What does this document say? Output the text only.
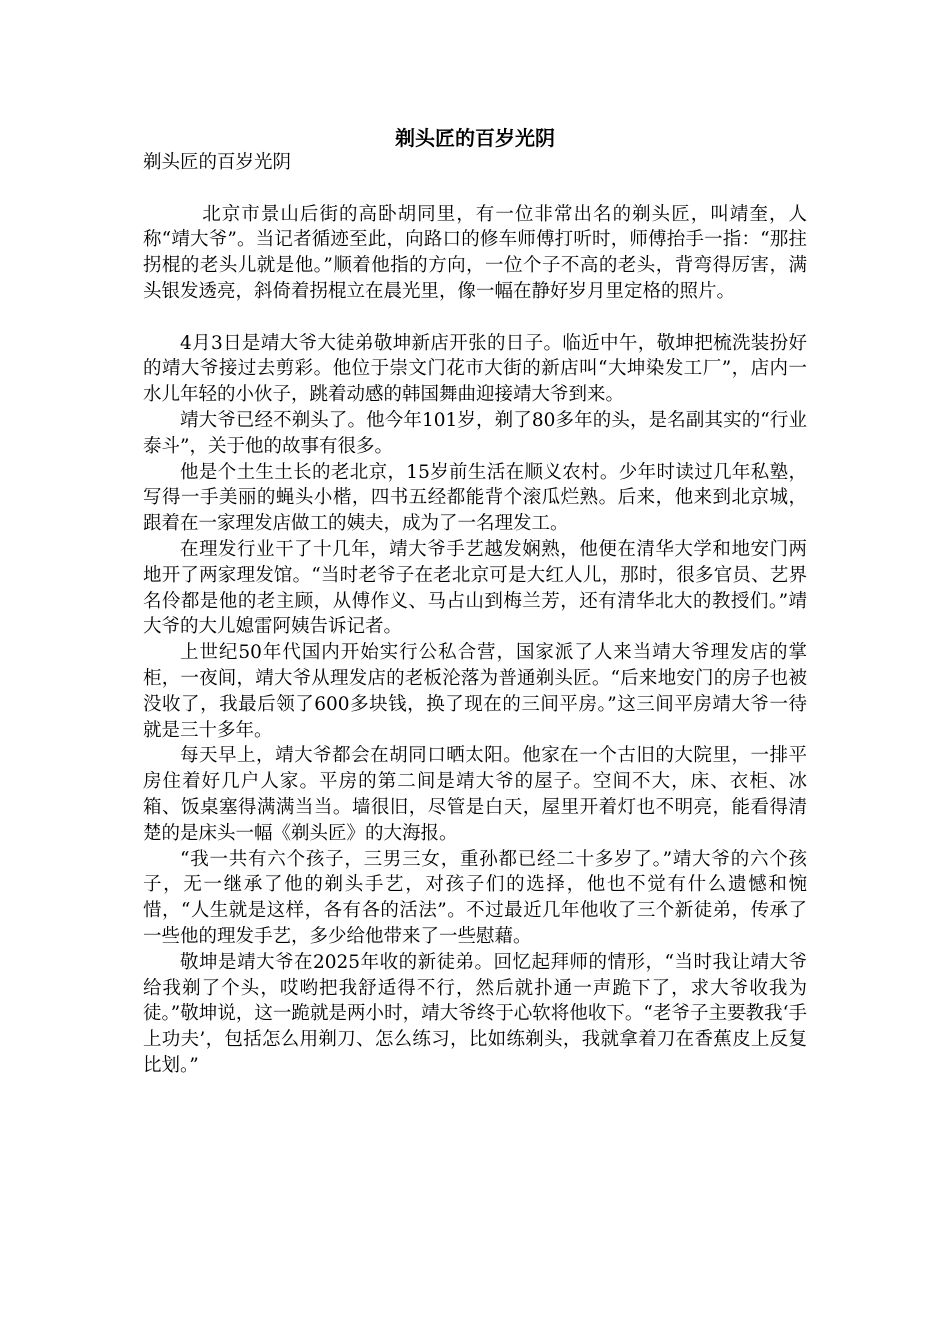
剃头匠的百岁光阴

剃头匠的百岁光阴

北京市景山后街的高卧胡同里，有一位非常出名的剃头匠，叫靖奎，人称“靖大爷”。当记者循迹至此，向路口的修车师傅打听时，师傅抬手一指：“那拄拐棍的老头儿就是他。”顺着他指的方向，一位个子不高的老头，背弯得厉害，满头银发透亮，斜倚着拐棍立在晨光里，像一幅在静好岁月里定格的照片。

4月3日是靖大爷大徒弟敬坤新店开张的日子。临近中午，敬坤把梳洗装扮好的靖大爷接过去剪彩。他位于崇文门花市大街的新店叫“大坤染发工厂”，店内一水儿年轻的小伙子，跳着动感的韩国舞曲迎接靖大爷到来。

靖大爷已经不剃头了。他今年101岁，剃了80多年的头，是名副其实的“行业泰斗”，关于他的故事有很多。

他是个土生土长的老北京，15岁前生活在顺义农村。少年时读过几年私塾，写得一手美丽的蝇头小楷，四书五经都能背个滚瓜烂熟。后来，他来到北京城，跟着在一家理发店做工的姨夫，成为了一名理发工。

在理发行业干了十几年，靖大爷手艺越发娴熟，他便在清华大学和地安门两地开了两家理发馆。“当时老爷子在老北京可是大红人儿，那时，很多官员、艺界名伶都是他的老主顾，从傅作义、马占山到梅兰芳，还有清华北大的教授们。”靖大爷的大儿媳雷阿姨告诉记者。

上世纪50年代国内开始实行公私合营，国家派了人来当靖大爷理发店的掌柜，一夜间，靖大爷从理发店的老板沦落为普通剃头匠。“后来地安门的房子也被没收了，我最后领了600多块钱，换了现在的三间平房。”这三间平房靖大爷一待就是三十多年。

每天早上，靖大爷都会在胡同口晒太阳。他家在一个古旧的大院里，一排平房住着好几户人家。平房的第二间是靖大爷的屋子。空间不大，床、衣柜、冰箱、饭桌塞得满满当当。墙很旧，尽管是白天，屋里开着灯也不明亮，能看得清楚的是床头一幅《剃头匠》的大海报。

“我一共有六个孩子，三男三女，重孙都已经二十多岁了。”靖大爷的六个孩子，无一继承了他的剃头手艺，对孩子们的选择，他也不觉有什么遗憾和惋惜，“人生就是这样，各有各的活法”。不过最近几年他收了三个新徒弟，传承了一些他的理发手艺，多少给他带来了一些慰藉。

敬坤是靖大爷在2025年收的新徒弟。回忆起拜师的情形，“当时我让靖大爷给我剃了个头，哎哟把我舒适得不行，然后就扑通一声跪下了，求大爷收我为徒。”敬坤说，这一跪就是两小时，靖大爷终于心软将他收下。“老爷子主要教我‘手上功夫’，包括怎么用剃刀、怎么练习，比如练剃头，我就拿着刀在香蕉皮上反复比划。”
